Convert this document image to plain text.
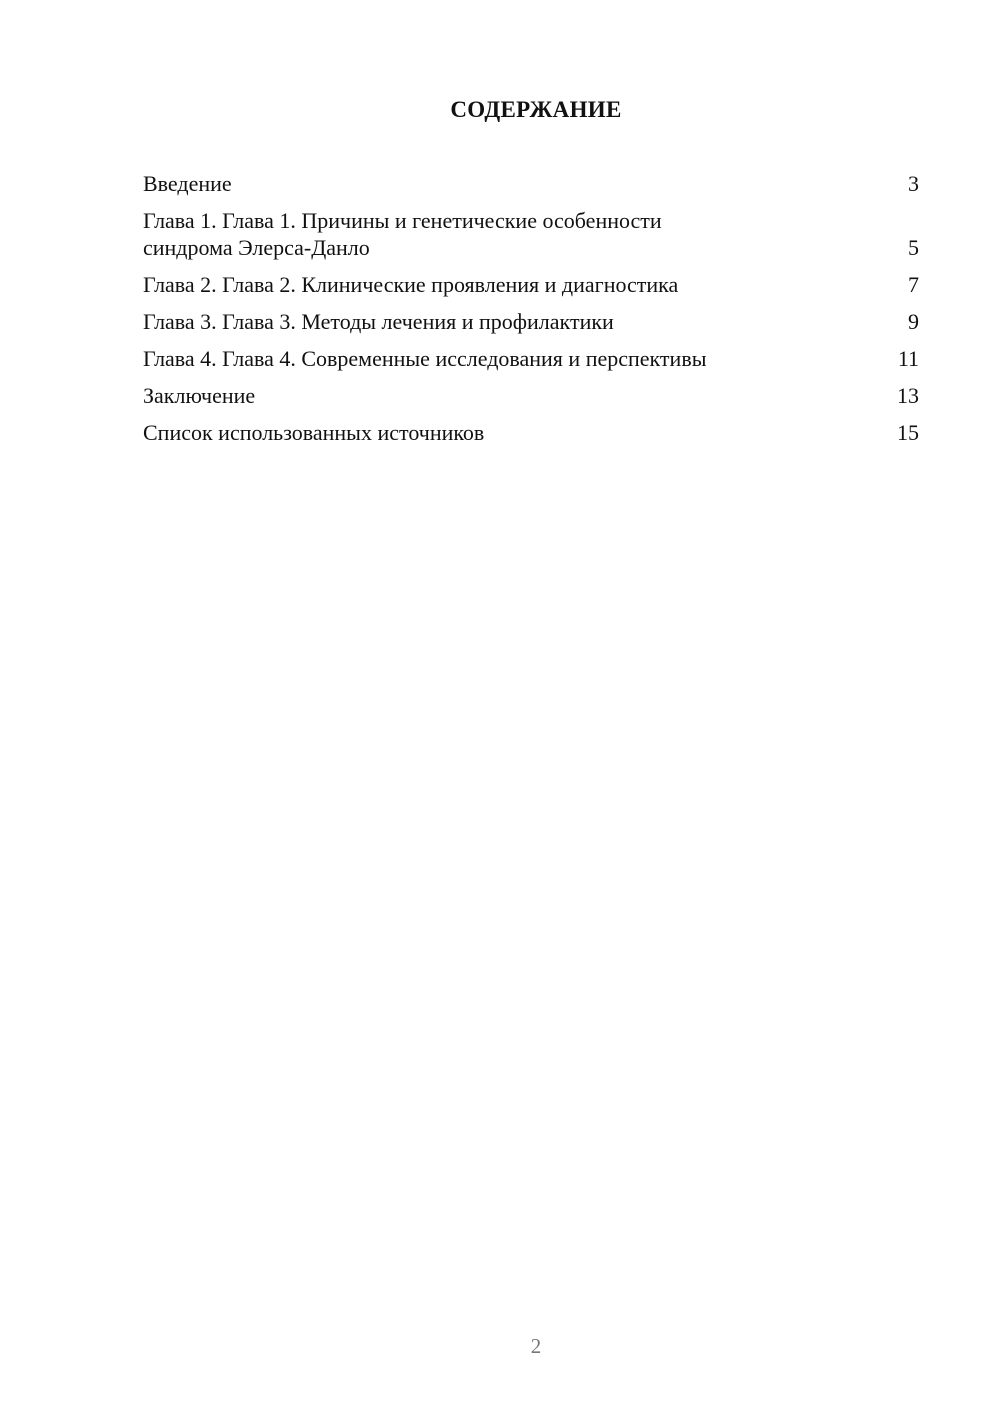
СОДЕРЖАНИЕ
Введение	3
Глава 1. Глава 1. Причины и генетические особенности синдрома Элерса-Данло	5
Глава 2. Глава 2. Клинические проявления и диагностика	7
Глава 3. Глава 3. Методы лечения и профилактики	9
Глава 4. Глава 4. Современные исследования и перспективы	11
Заключение	13
Список использованных источников	15
2
